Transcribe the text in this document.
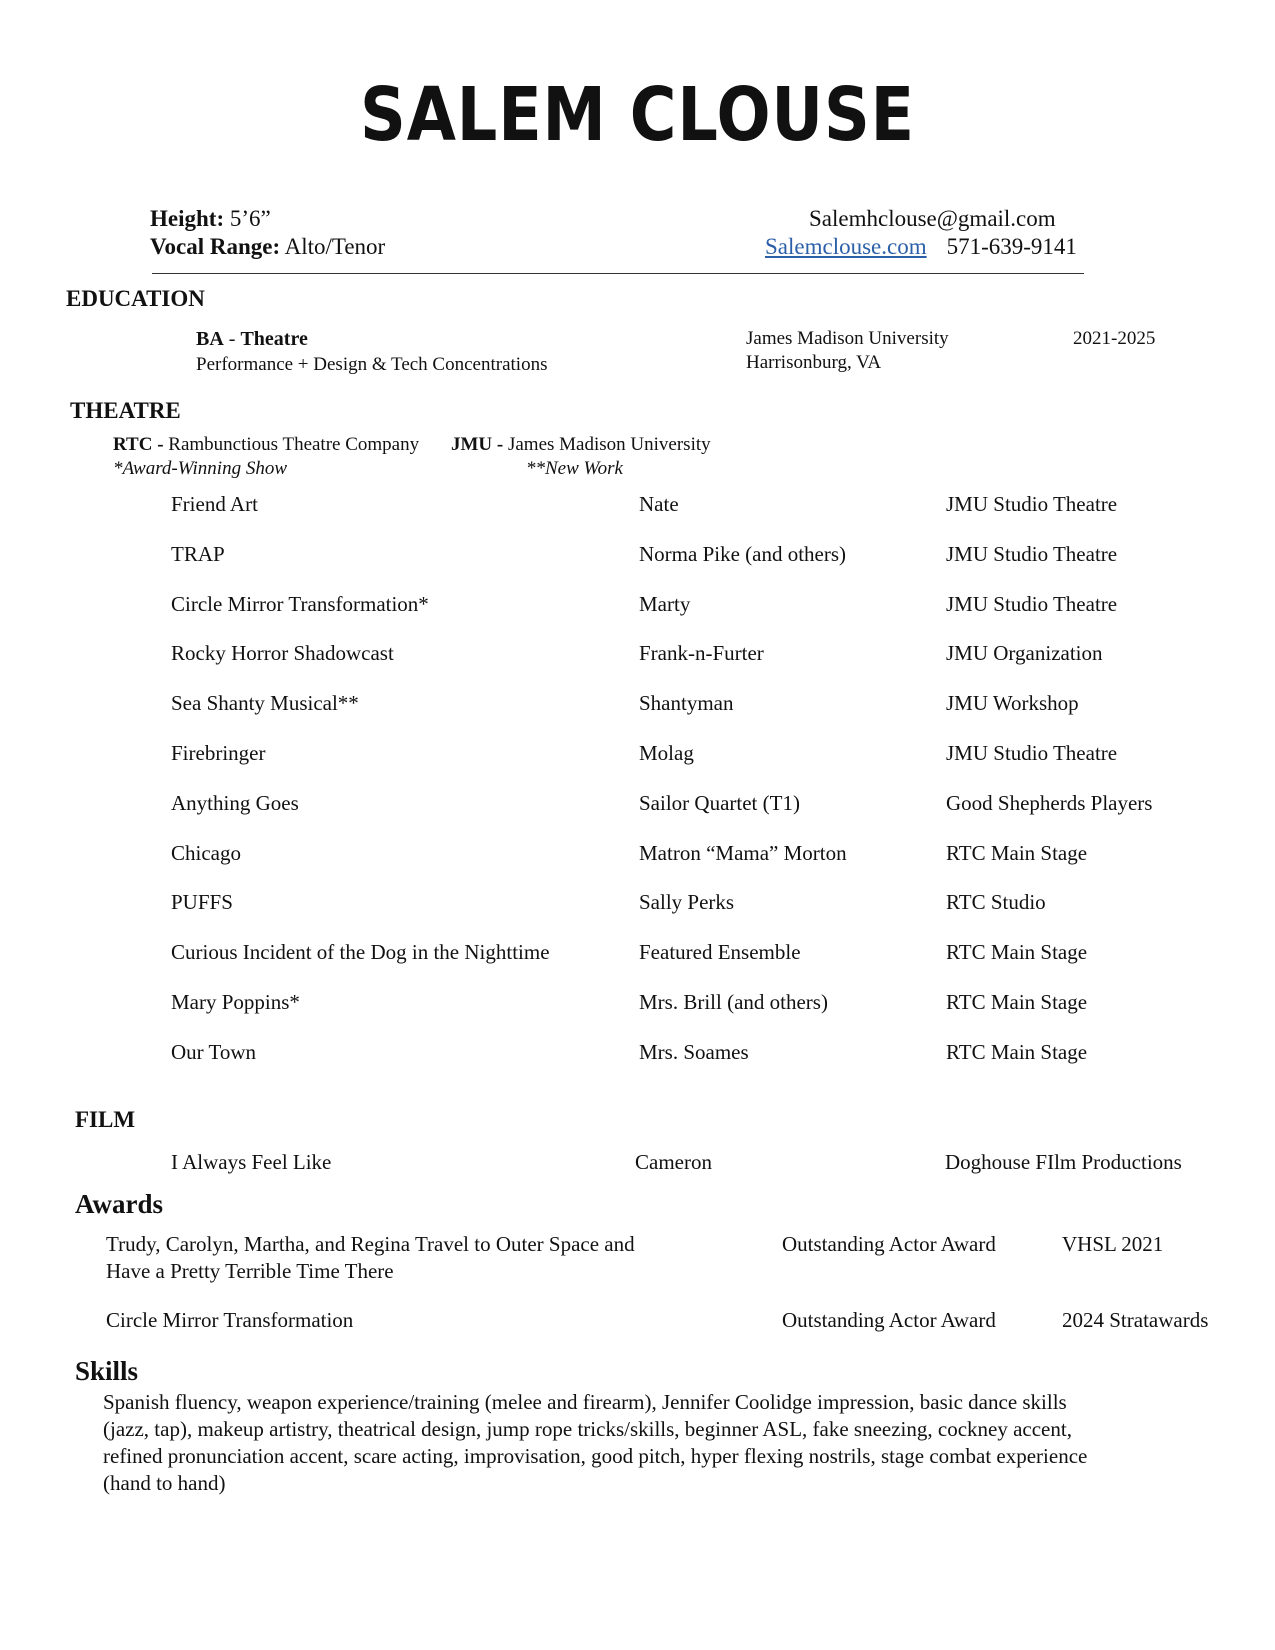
SALEM CLOUSE
Height: 5’6”
Vocal Range: Alto/Tenor
Salemhclouse@gmail.com
Salemclouse.com 571-639-9141
EDUCATION
BA - Theatre
Performance + Design & Tech Concentrations
James Madison University
Harrisonburg, VA
2021-2025
THEATRE
RTC - Rambunctious Theatre Company JMU - James Madison University
*Award-Winning Show	**New Work
Friend Art	Nate	JMU Studio Theatre
TRAP	Norma Pike (and others)	JMU Studio Theatre
Circle Mirror Transformation*	Marty	JMU Studio Theatre
Rocky Horror Shadowcast	Frank-n-Furter	JMU Organization
Sea Shanty Musical**	Shantyman	JMU Workshop
Firebringer	Molag	JMU Studio Theatre
Anything Goes	Sailor Quartet (T1)	Good Shepherds Players
Chicago	Matron “Mama” Morton	RTC Main Stage
PUFFS	Sally Perks	RTC Studio
Curious Incident of the Dog in the Nighttime	Featured Ensemble	RTC Main Stage
Mary Poppins*	Mrs. Brill (and others)	RTC Main Stage
Our Town	Mrs. Soames	RTC Main Stage
FILM
I Always Feel Like	Cameron	Doghouse FIlm Productions
Awards
Trudy, Carolyn, Martha, and Regina Travel to Outer Space and
Have a Pretty Terrible Time There
Outstanding Actor Award	VHSL 2021
Circle Mirror Transformation	Outstanding Actor Award	2024 Stratawards
Skills
Spanish fluency, weapon experience/training (melee and firearm), Jennifer Coolidge impression, basic dance skills (jazz, tap), makeup artistry, theatrical design, jump rope tricks/skills, beginner ASL, fake sneezing, cockney accent, refined pronunciation accent, scare acting, improvisation, good pitch, hyper flexing nostrils, stage combat experience (hand to hand)
